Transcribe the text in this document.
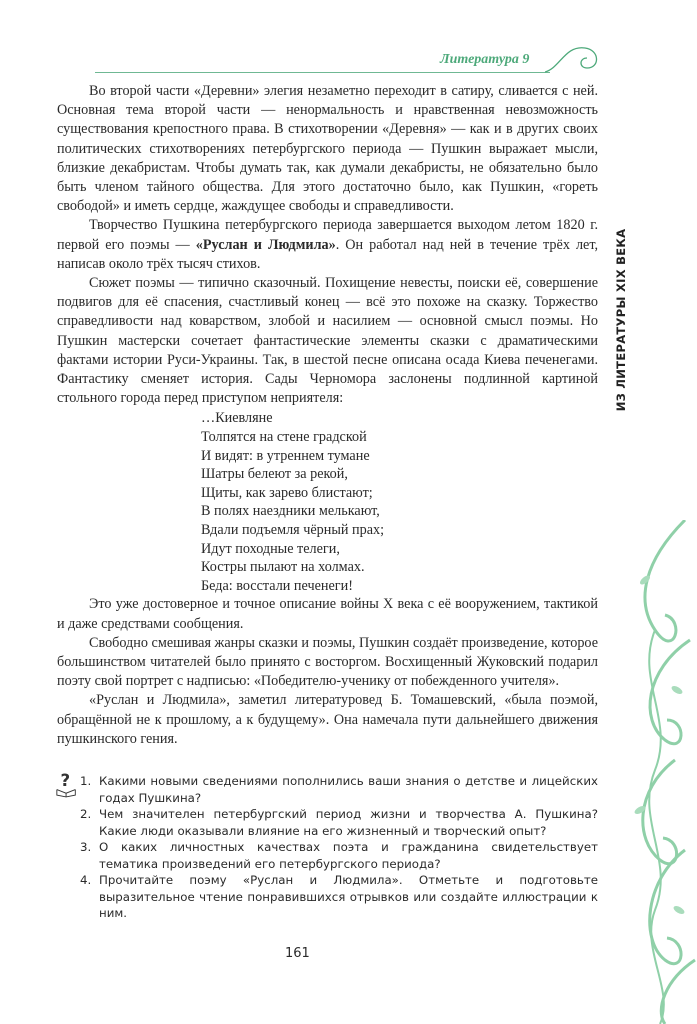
Литература 9
ИЗ ЛИТЕРАТУРЫ XIX ВЕКА

Во второй части «Деревни» элегия незаметно переходит в сатиру, сливается с ней. Основная тема второй части — ненормальность и нравственная невозможность существования крепостного права. В стихотворении «Деревня» — как и в других своих политических стихотворениях петербургского периода — Пушкин выражает мысли, близкие декабристам. Чтобы думать так, как думали декабристы, не обязательно было быть членом тайного общества. Для этого достаточно было, как Пушкин, «гореть свободой» и иметь сердце, жаждущее свободы и справедливости.

Творчество Пушкина петербургского периода завершается выходом летом 1820 г. первой его поэмы — «Руслан и Людмила». Он работал над ней в течение трёх лет, написав около трёх тысяч стихов.

Сюжет поэмы — типично сказочный. Похищение невесты, поиски её, совершение подвигов для её спасения, счастливый конец — всё это похоже на сказку. Торжество справедливости над коварством, злобой и насилием — основной смысл поэмы. Но Пушкин мастерски сочетает фантастические элементы сказки с драматическими фактами истории Руси-Украины. Так, в шестой песне описана осада Киева печенегами. Фантастику сменяет история. Сады Черномора заслонены подлинной картиной стольного города перед приступом неприятеля:

…Киевляне
Толпятся на стене градской
И видят: в утреннем тумане
Шатры белеют за рекой,
Щиты, как зарево блистают;
В полях наездники мелькают,
Вдали подъемля чёрный прах;
Идут походные телеги,
Костры пылают на холмах.
Беда: восстали печенеги!

Это уже достоверное и точное описание войны X века с её вооружением, тактикой и даже средствами сообщения.

Свободно смешивая жанры сказки и поэмы, Пушкин создаёт произведение, которое большинством читателей было принято с восторгом. Восхищенный Жуковский подарил поэту свой портрет с надписью: «Победителю-ученику от побежденного учителя».

«Руслан и Людмила», заметил литературовед Б. Томашевский, «была поэмой, обращённой не к прошлому, а к будущему». Она намечала пути дальнейшего движения пушкинского гения.

? 1. Какими новыми сведениями пополнились ваши знания о детстве и лицейских годах Пушкина?
2. Чем значителен петербургский период жизни и творчества А. Пушкина? Какие люди оказывали влияние на его жизненный и творческий опыт?
3. О каких личностных качествах поэта и гражданина свидетельствует тематика произведений его петербургского периода?
4. Прочитайте поэму «Руслан и Людмила». Отметьте и подготовьте выразительное чтение понравившихся отрывков или создайте иллюстрации к ним.
161
